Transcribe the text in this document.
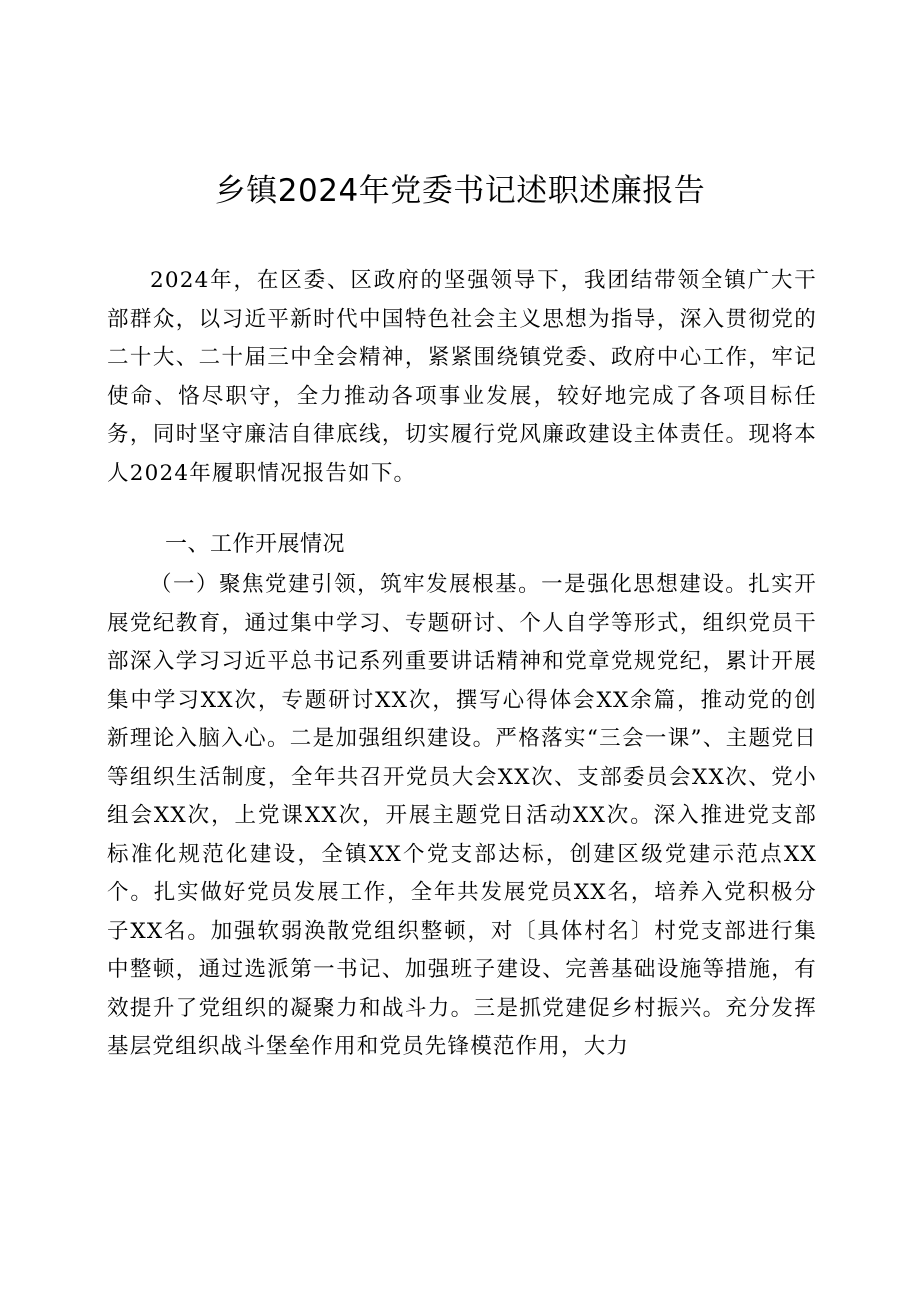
乡镇2024年党委书记述职述廉报告

2024年，在区委、区政府的坚强领导下，我团结带领全镇广大干部群众，以习近平新时代中国特色社会主义思想为指导，深入贯彻党的二十大、二十届三中全会精神，紧紧围绕镇党委、政府中心工作，牢记使命、恪尽职守，全力推动各项事业发展，较好地完成了各项目标任务，同时坚守廉洁自律底线，切实履行党风廉政建设主体责任。现将本人2024年履职情况报告如下。

一、工作开展情况

（一）聚焦党建引领，筑牢发展根基。一是强化思想建设。扎实开展党纪教育，通过集中学习、专题研讨、个人自学等形式，组织党员干部深入学习习近平总书记系列重要讲话精神和党章党规党纪，累计开展集中学习XX次，专题研讨XX次，撰写心得体会XX余篇，推动党的创新理论入脑入心。二是加强组织建设。严格落实“三会一课”、主题党日等组织生活制度，全年共召开党员大会XX次、支部委员会XX次、党小组会XX次，上党课XX次，开展主题党日活动XX次。深入推进党支部标准化规范化建设，全镇XX个党支部达标，创建区级党建示范点XX个。扎实做好党员发展工作，全年共发展党员XX名，培养入党积极分子XX名。加强软弱涣散党组织整顿，对〔具体村名〕村党支部进行集中整顿，通过选派第一书记、加强班子建设、完善基础设施等措施，有效提升了党组织的凝聚力和战斗力。三是抓党建促乡村振兴。充分发挥基层党组织战斗堡垒作用和党员先锋模范作用，大力
